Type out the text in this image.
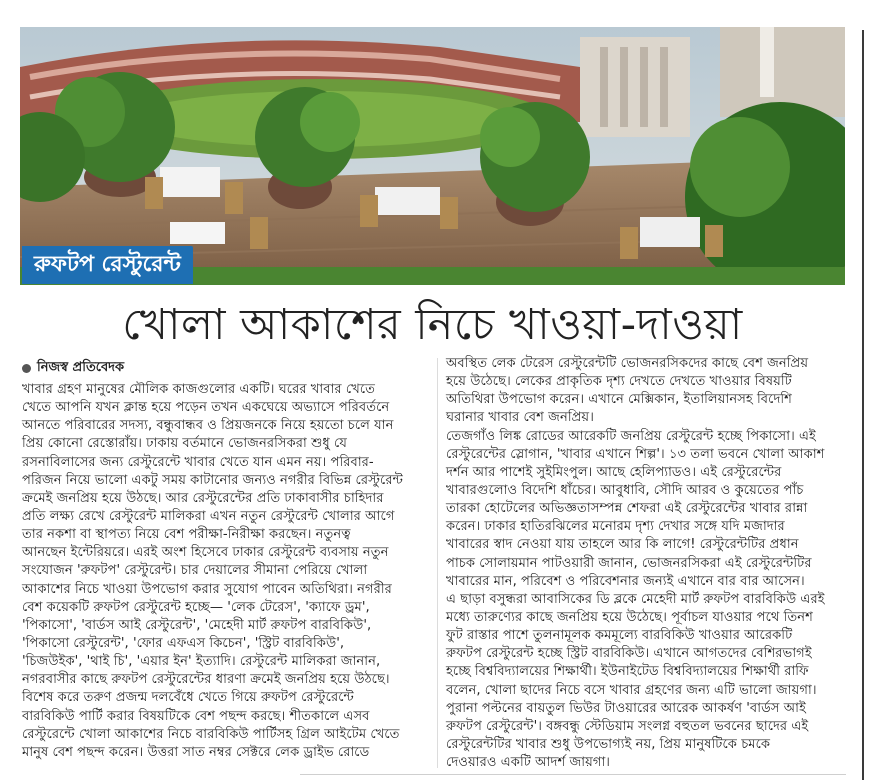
রুফটপ রেস্টুরেন্ট
খোলা আকাশের নিচে খাওয়া-দাওয়া
নিজস্ব প্রতিবেদক
খাবার গ্রহণ মানুষের মৌলিক কাজগুলোর একটি। ঘরের খাবার খেতে
খেতে আপনি যখন ক্লান্ত হয়ে পড়েন তখন একঘেয়ে অভ্যাসে পরিবর্তনে
আনতে পরিবারের সদস্য, বন্ধুবান্ধব ও প্রিয়জনকে নিয়ে হয়তো চলে যান
প্রিয় কোনো রেস্তোরাঁয়। ঢাকায় বর্তমানে ভোজনরসিকরা শুধু যে
রসনাবিলাসের জন্য রেস্টুরেন্টে খাবার খেতে যান এমন নয়। পরিবার-
পরিজন নিয়ে ভালো একটু সময় কাটানোর জন্যও নগরীর বিভিন্ন রেস্টুরেন্ট
ক্রমেই জনপ্রিয় হয়ে উঠছে। আর রেস্টুরেন্টের প্রতি ঢাকাবাসীর চাহিদার
প্রতি লক্ষ্য রেখে রেস্টুরেন্ট মালিকরা এখন নতুন রেস্টুরেন্ট খোলার আগে
তার নকশা বা স্থাপত্য নিয়ে বেশ পরীক্ষা-নিরীক্ষা করছেন। নতুনত্ব
আনছেন ইন্টেরিয়রে। এরই অংশ হিসেবে ঢাকার রেস্টুরেন্ট ব্যবসায় নতুন
সংযোজন 'রুফটপ' রেস্টুরেন্ট। চার দেয়ালের সীমানা পেরিয়ে খোলা
আকাশের নিচে খাওয়া উপভোগ করার সুযোগ পাবেন অতিথিরা। নগরীর
বেশ কয়েকটি রুফটপ রেস্টুরেন্ট হচ্ছে— 'লেক টেরেস', 'ক্যাফে ড্রম',
'পিকাসো', 'বার্ডস আই রেস্টুরেন্ট', 'মেহেদী মার্ট রুফটপ বারবিকিউ',
'পিকাসো রেস্টুরেন্ট', 'ফোর এফএস কিচেন', 'স্ট্রিট বারবিকিউ',
'চিজউইক', 'থাই চি', 'এয়ার ইন' ইত্যাদি। রেস্টুরেন্ট মালিকরা জানান,
নগরবাসীর কাছে রুফটপ রেস্টুরেন্টের ধারণা ক্রমেই জনপ্রিয় হয়ে উঠছে।
বিশেষ করে তরুণ প্রজন্ম দলবেঁধে খেতে গিয়ে রুফটপ রেস্টুরেন্টে
বারবিকিউ পার্টি করার বিষয়টিকে বেশ পছন্দ করছে। শীতকালে এসব
রেস্টুরেন্টে খোলা আকাশের নিচে বারবিকিউ পার্টিসহ গ্রিল আইটেম খেতে
মানুষ বেশ পছন্দ করেন। উত্তরা সাত নম্বর সেক্টরে লেক ড্রাইভ রোডে
অবস্থিত লেক টেরেস রেস্টুরেন্টটি ভোজনরসিকদের কাছে বেশ জনপ্রিয়
হয়ে উঠেছে। লেকের প্রাকৃতিক দৃশ্য দেখতে দেখতে খাওয়ার বিষয়টি
অতিথিরা উপভোগ করেন। এখানে মেক্সিকান, ইতালিয়ানসহ বিদেশি
ঘরানার খাবার বেশ জনপ্রিয়।
তেজগাঁও লিঙ্ক রোডের আরেকটি জনপ্রিয় রেস্টুরেন্ট হচ্ছে পিকাসো। এই
রেস্টুরেন্টের স্লোগান, 'খাবার এখানে শিল্প'। ১৩ তলা ভবনে খোলা আকাশ
দর্শন আর পাশেই সুইমিংপুল। আছে হেলিপ্যাডও। এই রেস্টুরেন্টের
খাবারগুলোও বিদেশি ধাঁচের। আবুধাবি, সৌদি আরব ও কুয়েতের পাঁচ
তারকা হোটেলের অভিজ্ঞতাসম্পন্ন শেফরা এই রেস্টুরেন্টের খাবার রান্না
করেন। ঢাকার হাতিরঝিলের মনোরম দৃশ্য দেখার সঙ্গে যদি মজাদার
খাবারের স্বাদ নেওয়া যায় তাহলে আর কি লাগে! রেস্টুরেন্টটির প্রধান
পাচক সোলায়মান পাটওয়ারী জানান, ভোজনরসিকরা এই রেস্টুরেন্টটির
খাবারের মান, পরিবেশ ও পরিবেশনার জন্যই এখানে বার বার আসেন।
এ ছাড়া বসুন্ধরা আবাসিকের ডি ব্লকে মেহেদী মার্ট রুফটপ বারবিকিউ এরই
মধ্যে তারুণ্যের কাছে জনপ্রিয় হয়ে উঠেছে। পূর্বাচল যাওয়ার পথে তিনশ
ফুট রাস্তার পাশে তুলনামূলক কমমূল্যে বারবিকিউ খাওয়ার আরেকটি
রুফটপ রেস্টুরেন্ট হচ্ছে স্ট্রিট বারবিকিউ। এখানে আগতদের বেশিরভাগই
হচ্ছে বিশ্ববিদ্যালয়ের শিক্ষার্থী। ইউনাইটেড বিশ্ববিদ্যালয়ের শিক্ষার্থী রাফি
বলেন, খোলা ছাদের নিচে বসে খাবার গ্রহণের জন্য এটি ভালো জায়গা।
পুরানা পল্টনের বায়তুল ভিউর টাওয়ারের আরেক আকর্ষণ 'বার্ডস আই
রুফটপ রেস্টুরেন্ট'। বঙ্গবন্ধু স্টেডিয়াম সংলগ্ন বহুতল ভবনের ছাদের এই
রেস্টুরেন্টটির খাবার শুধু উপভোগ্যই নয়, প্রিয় মানুষটিকে চমকে
দেওয়ারও একটি আদর্শ জায়গা।
